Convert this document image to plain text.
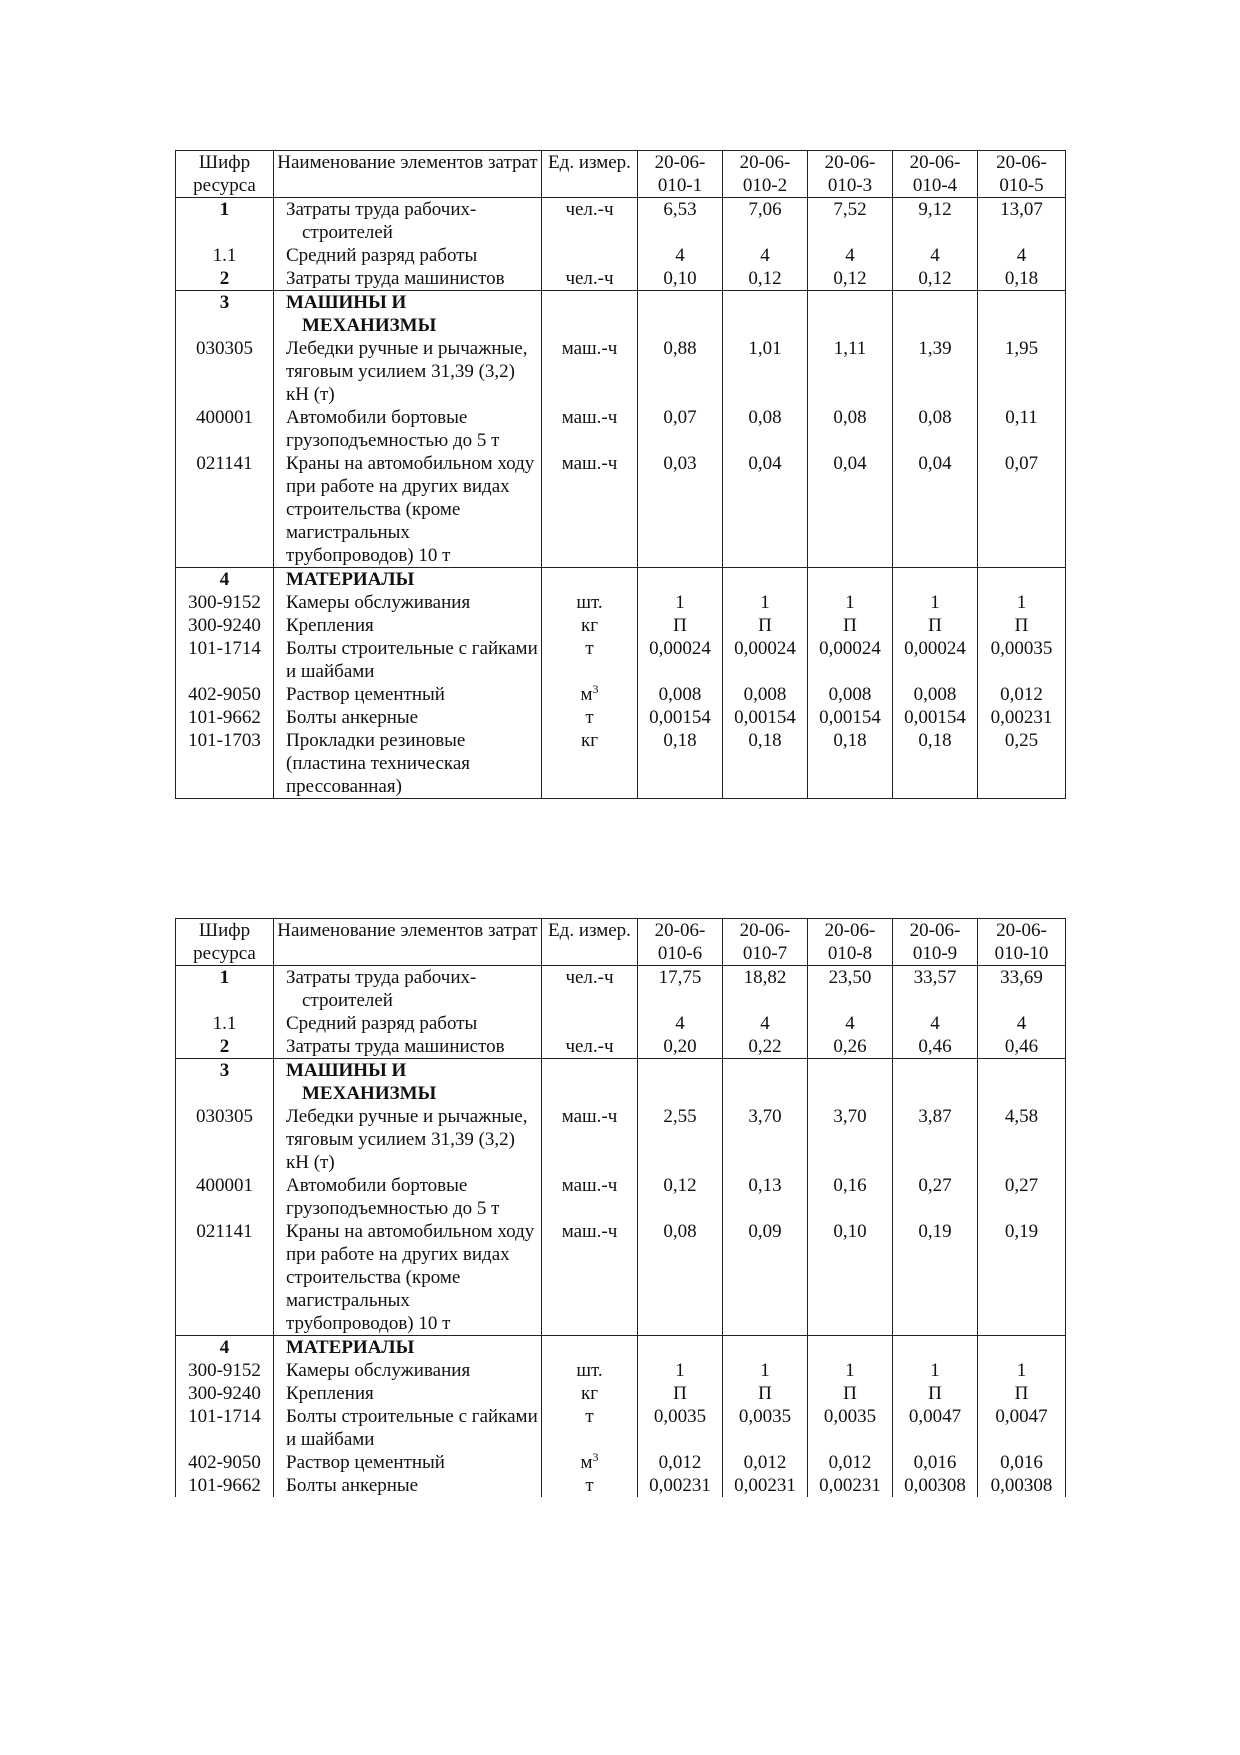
Шифр ресурса	Наименование элементов затрат	Ед. измер.	20-06-010-1	20-06-010-2	20-06-010-3	20-06-010-4	20-06-010-5
1	Затраты труда рабочих-строителей	чел.-ч	6,53	7,06	7,52	9,12	13,07
1.1	Средний разряд работы		4	4	4	4	4
2	Затраты труда машинистов	чел.-ч	0,10	0,12	0,12	0,12	0,18
3	МАШИНЫ И МЕХАНИЗМЫ						
030305	Лебедки ручные и рычажные, тяговым усилием 31,39 (3,2) кН (т)	маш.-ч	0,88	1,01	1,11	1,39	1,95
400001	Автомобили бортовые грузоподъемностью до 5 т	маш.-ч	0,07	0,08	0,08	0,08	0,11
021141	Краны на автомобильном ходу при работе на других видах строительства (кроме магистральных трубопроводов) 10 т	маш.-ч	0,03	0,04	0,04	0,04	0,07
4	МАТЕРИАЛЫ						
300-9152	Камеры обслуживания	шт.	1	1	1	1	1
300-9240	Крепления	кг	П	П	П	П	П
101-1714	Болты строительные с гайками и шайбами	т	0,00024	0,00024	0,00024	0,00024	0,00035
402-9050	Раствор цементный	$м^3$	0,008	0,008	0,008	0,008	0,012
101-9662	Болты анкерные	т	0,00154	0,00154	0,00154	0,00154	0,00231
101-1703	Прокладки резиновые (пластина техническая прессованная)	кг	0,18	0,18	0,18	0,18	0,25
Шифр ресурса	Наименование элементов затрат	Ед. измер.	20-06-010-6	20-06-010-7	20-06-010-8	20-06-010-9	20-06-010-10
1	Затраты труда рабочих-строителей	чел.-ч	17,75	18,82	23,50	33,57	33,69
1.1	Средний разряд работы		4	4	4	4	4
2	Затраты труда машинистов	чел.-ч	0,20	0,22	0,26	0,46	0,46
3	МАШИНЫ И МЕХАНИЗМЫ						
030305	Лебедки ручные и рычажные, тяговым усилием 31,39 (3,2) кН (т)	маш.-ч	2,55	3,70	3,70	3,87	4,58
400001	Автомобили бортовые грузоподъемностью до 5 т	маш.-ч	0,12	0,13	0,16	0,27	0,27
021141	Краны на автомобильном ходу при работе на других видах строительства (кроме магистральных трубопроводов) 10 т	маш.-ч	0,08	0,09	0,10	0,19	0,19
4	МАТЕРИАЛЫ						
300-9152	Камеры обслуживания	шт.	1	1	1	1	1
300-9240	Крепления	кг	П	П	П	П	П
101-1714	Болты строительные с гайками и шайбами	т	0,0035	0,0035	0,0035	0,0047	0,0047
402-9050	Раствор цементный	$м^3$	0,012	0,012	0,012	0,016	0,016
101-9662	Болты анкерные	т	0,00231	0,00231	0,00231	0,00308	0,00308
